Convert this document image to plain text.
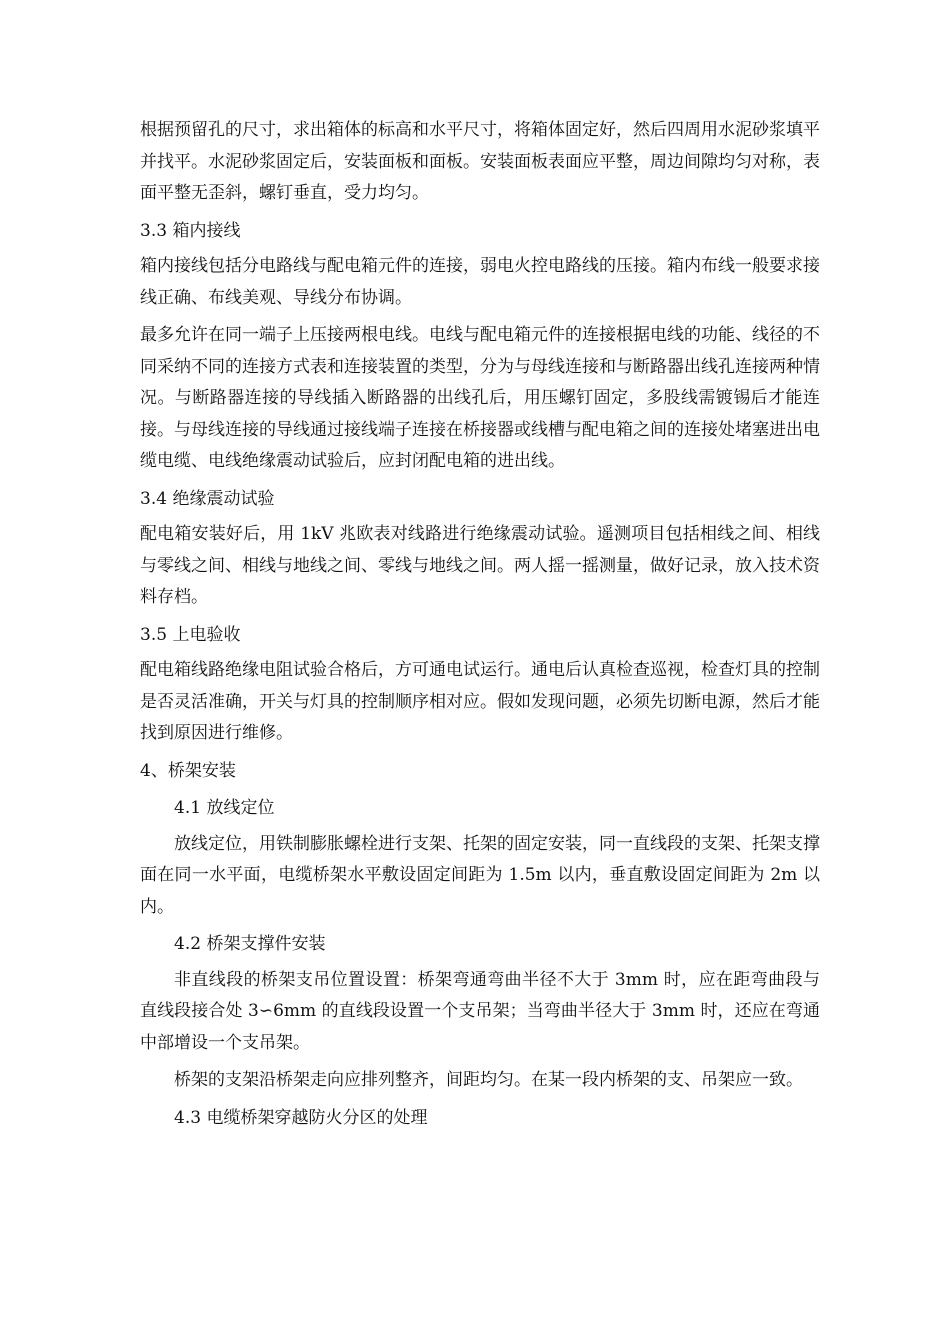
根据预留孔的尺寸，求出箱体的标高和水平尺寸，将箱体固定好，然后四周用水泥砂浆填平并找平。水泥砂浆固定后，安装面板和面板。安装面板表面应平整，周边间隙均匀对称，表面平整无歪斜，螺钉垂直，受力均匀。

3.3 箱内接线

箱内接线包括分电路线与配电箱元件的连接，弱电火控电路线的压接。箱内布线一般要求接线正确、布线美观、导线分布协调。

最多允许在同一端子上压接两根电线。电线与配电箱元件的连接根据电线的功能、线径的不同采纳不同的连接方式表和连接装置的类型，分为与母线连接和与断路器出线孔连接两种情况。与断路器连接的导线插入断路器的出线孔后，用压螺钉固定，多股线需镀锡后才能连接。与母线连接的导线通过接线端子连接在桥接器或线槽与配电箱之间的连接处堵塞进出电缆电缆、电线绝缘震动试验后，应封闭配电箱的进出线。

3.4 绝缘震动试验

配电箱安装好后，用 1kV 兆欧表对线路进行绝缘震动试验。遥测项目包括相线之间、相线与零线之间、相线与地线之间、零线与地线之间。两人摇一摇测量，做好记录，放入技术资料存档。

3.5 上电验收

配电箱线路绝缘电阻试验合格后，方可通电试运行。通电后认真检查巡视，检查灯具的控制是否灵活准确，开关与灯具的控制顺序相对应。假如发现问题，必须先切断电源，然后才能找到原因进行维修。

4、桥架安装

4.1 放线定位

放线定位，用铁制膨胀螺栓进行支架、托架的固定安装，同一直线段的支架、托架支撑面在同一水平面，电缆桥架水平敷设固定间距为 1.5m 以内，垂直敷设固定间距为 2m 以内。

4.2 桥架支撑件安装

非直线段的桥架支吊位置设置：桥架弯通弯曲半径不大于 3mm 时，应在距弯曲段与直线段接合处 3∽6mm 的直线段设置一个支吊架；当弯曲半径大于 3mm 时，还应在弯通中部增设一个支吊架。

桥架的支架沿桥架走向应排列整齐，间距均匀。在某一段内桥架的支、吊架应一致。

4.3 电缆桥架穿越防火分区的处理
